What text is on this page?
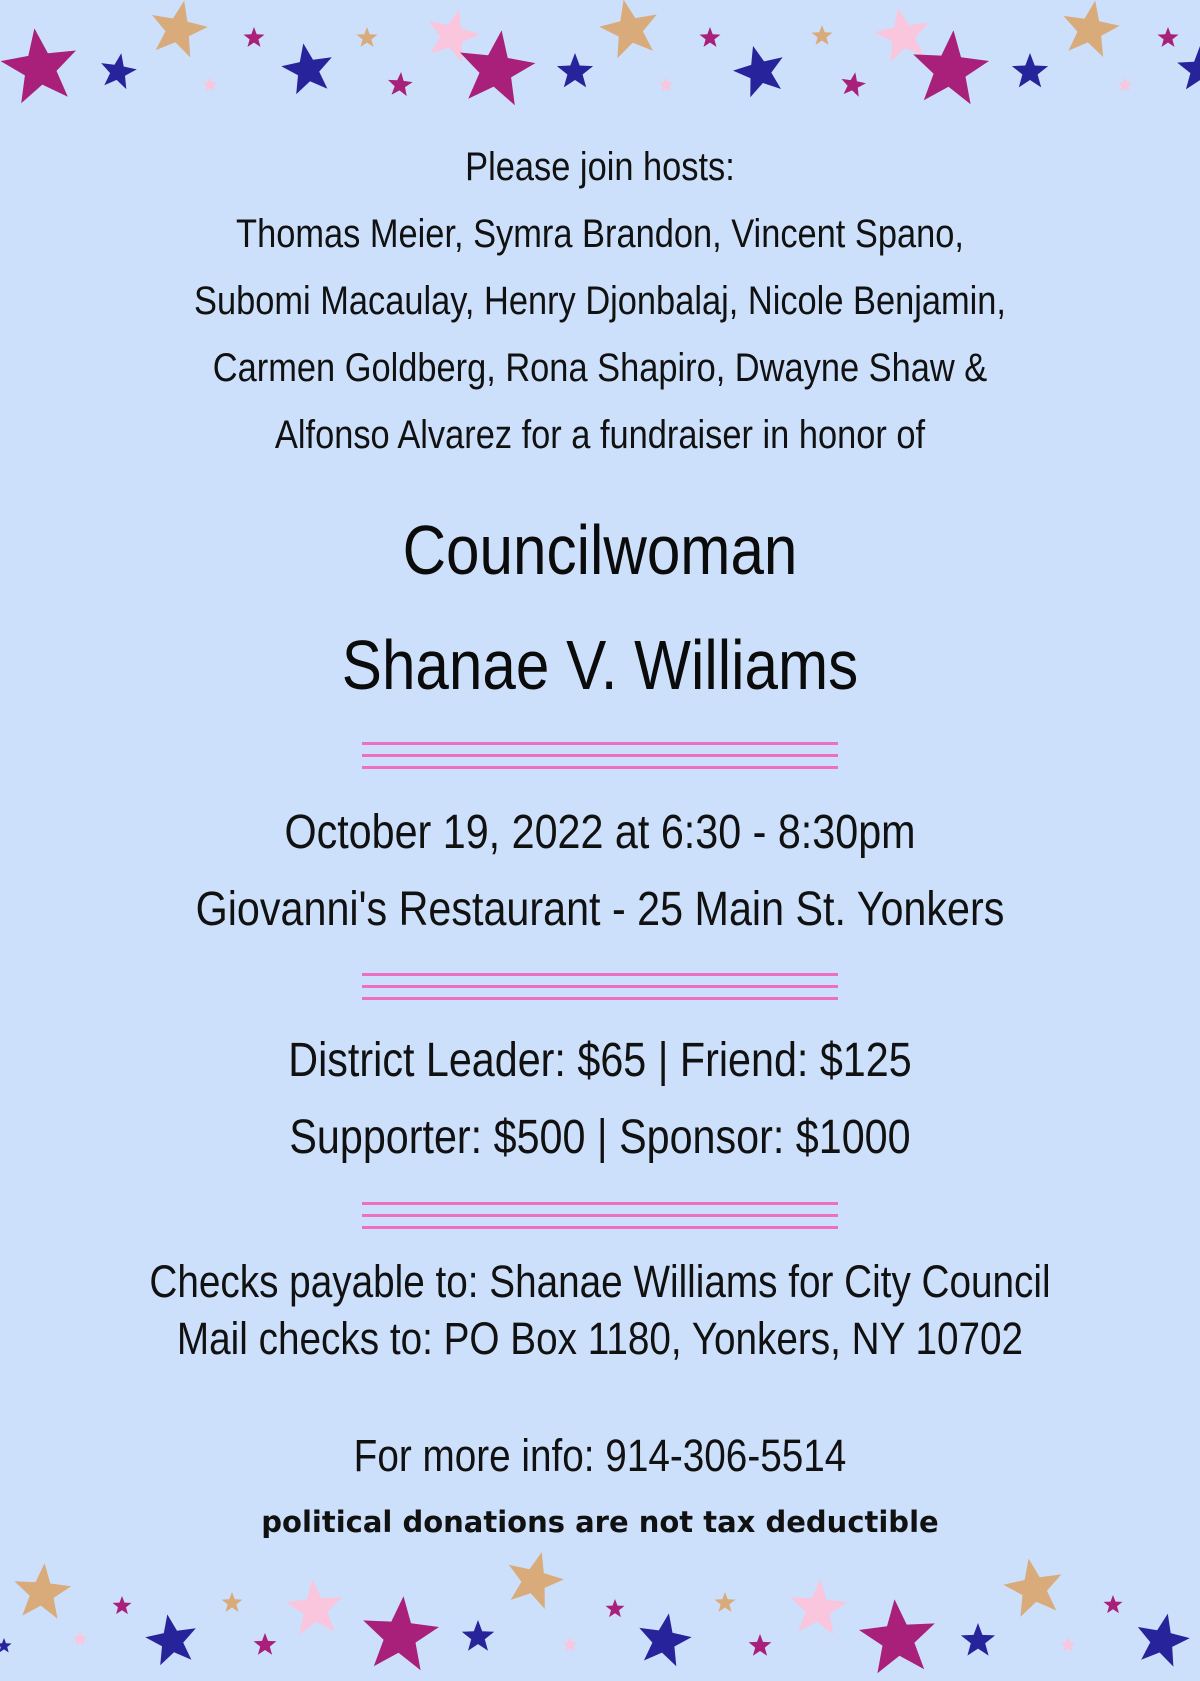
Please join hosts:
Thomas Meier, Symra Brandon, Vincent Spano,
Subomi Macaulay, Henry Djonbalaj, Nicole Benjamin,
Carmen Goldberg, Rona Shapiro, Dwayne Shaw &
Alfonso Alvarez for a fundraiser in honor of
Councilwoman
Shanae V. Williams
October 19, 2022 at 6:30 - 8:30pm
Giovanni's Restaurant - 25 Main St. Yonkers
District Leader: $65 | Friend: $125
Supporter: $500 | Sponsor: $1000
Checks payable to: Shanae Williams for City Council
Mail checks to: PO Box 1180, Yonkers, NY 10702
For more info: 914-306-5514
political donations are not tax deductible
